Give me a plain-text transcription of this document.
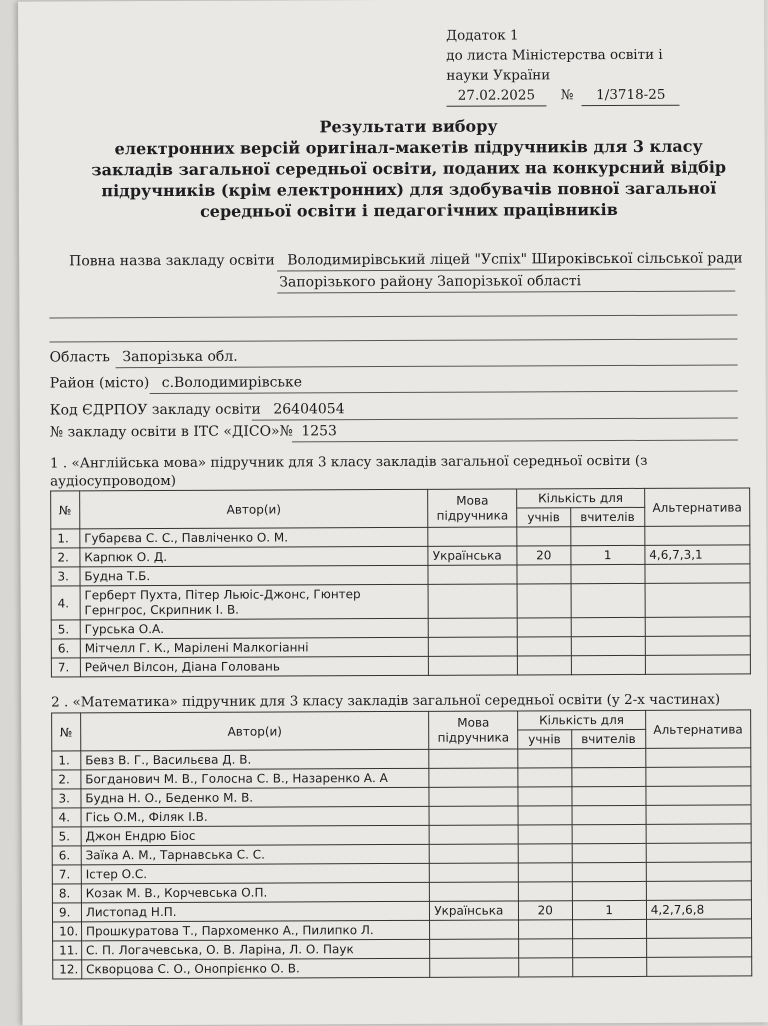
Додаток 1
до листа Міністерства освіти і
науки України
27.02.2025 № 1/3718-25
Результати вибору
електронних версій оригінал-макетів підручників для 3 класу
закладів загальної середньої освіти, поданих на конкурсний відбір
підручників (крім електронних) для здобувачів повної загальної
середньої освіти і педагогічних працівників
Повна назва закладу освіти Володимирівський ліцей "Успіх" Широківської сільської ради
Запорізького району Запорізької області
Область Запорізька обл.
Район (місто) с.Володимирівське
Код ЄДРПОУ закладу освіти 26404054
№ закладу освіти в ІТС «ДІСО»№ 1253
1 . «Англійська мова» підручник для 3 класу закладів загальної середньої освіти (з аудіосупроводом)
№	Автор(и)	Мова підручника	Кількість для		Альтернатива
			учнів	вчителів	
1.	Губарєва С. С., Павліченко О. М.				
2.	Карпюк О. Д.	Українська	20	1	4,6,7,3,1
3.	Будна Т.Б.				
4.	Герберт Пухта, Пітер Льюіс-Джонс, Гюнтер Гернгрос, Скрипник І. В.				
5.	Гурська О.А.				
6.	Мітчелл Г. К., Марілені Малкогіанні				
7.	Рейчел Вілсон, Діана Головань				
2 . «Математика» підручник для 3 класу закладів загальної середньої освіти (у 2-х частинах)
№	Автор(и)	Мова підручника	Кількість для		Альтернатива
			учнів	вчителів	
1.	Бевз В. Г., Васильєва Д. В.				
2.	Богданович М. В., Голосна С. В., Назаренко А. А				
3.	Будна Н. О., Беденко М. В.				
4.	Гісь О.М., Філяк І.В.				
5.	Джон Ендрю Біос				
6.	Заїка А. М., Тарнавська С. С.				
7.	Істер О.С.				
8.	Козак М. В., Корчевська О.П.				
9.	Листопад Н.П.	Українська	20	1	4,2,7,6,8
10.	Прошкуратова Т., Пархоменко А., Пилипко Л.				
11.	С. П. Логачевська, О. В. Ларіна, Л. О. Паук				
12.	Скворцова С. О., Онопрієнко О. В.				
